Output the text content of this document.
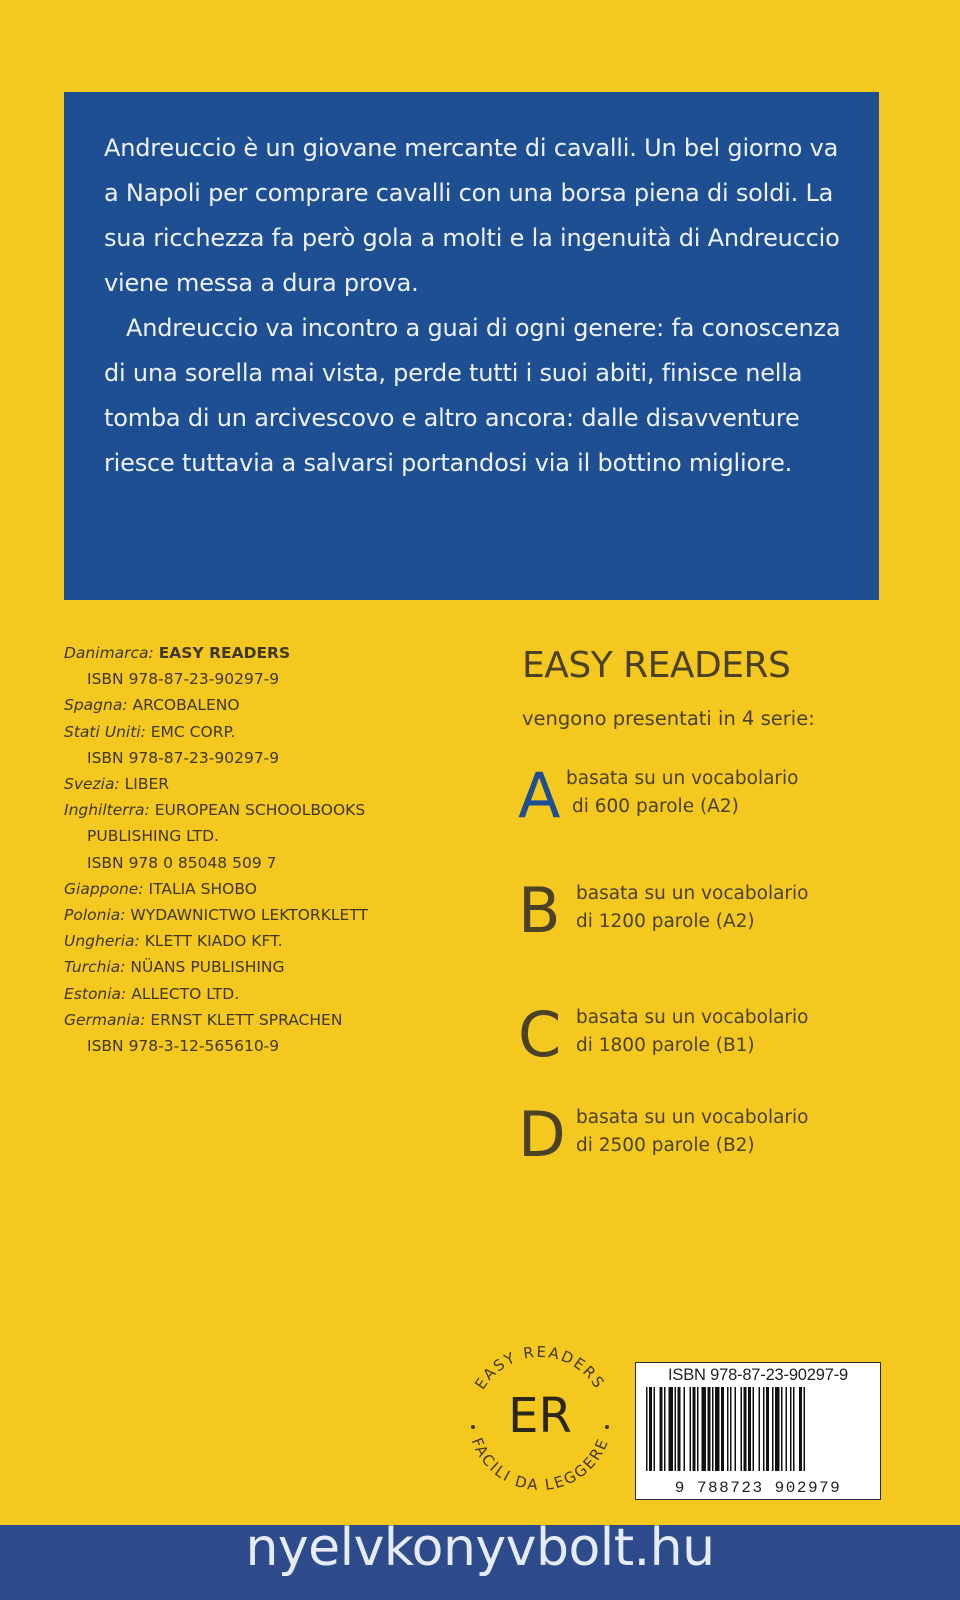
Andreuccio è un giovane mercante di cavalli. Un bel giorno va a Napoli per comprare cavalli con una borsa piena di soldi. La sua ricchezza fa però gola a molti e la ingenuità di Andreuccio viene messa a dura prova.

Andreuccio va incontro a guai di ogni genere: fa conoscenza di una sorella mai vista, perde tutti i suoi abiti, finisce nella tomba di un arcivescovo e altro ancora: dalle disavventure riesce tuttavia a salvarsi portandosi via il bottino migliore.

Danimarca: EASY READERS
ISBN 978-87-23-90297-9
Spagna: ARCOBALENO
Stati Uniti: EMC CORP.
ISBN 978-87-23-90297-9
Svezia: LIBER
Inghilterra: EUROPEAN SCHOOLBOOKS
PUBLISHING LTD.
ISBN 978 0 85048 509 7
Giappone: ITALIA SHOBO
Polonia: WYDAWNICTWO LEKTORKLETT
Ungheria: KLETT KIADO KFT.
Turchia: NÜANS PUBLISHING
Estonia: ALLECTO LTD.
Germania: ERNST KLETT SPRACHEN
ISBN 978-3-12-565610-9
EASY READERS
vengono presentati in 4 serie:
A basata su un vocabolario
di 600 parole (A2)
B basata su un vocabolario
di 1200 parole (A2)
C basata su un vocabolario
di 1800 parole (B1)
D basata su un vocabolario
di 2500 parole (B2)
EASY READERS
FACILI DA LEGGERE
ER
ISBN 978-87-23-90297-9
9 788723 902979
nyelvkonyvbolt.hu
